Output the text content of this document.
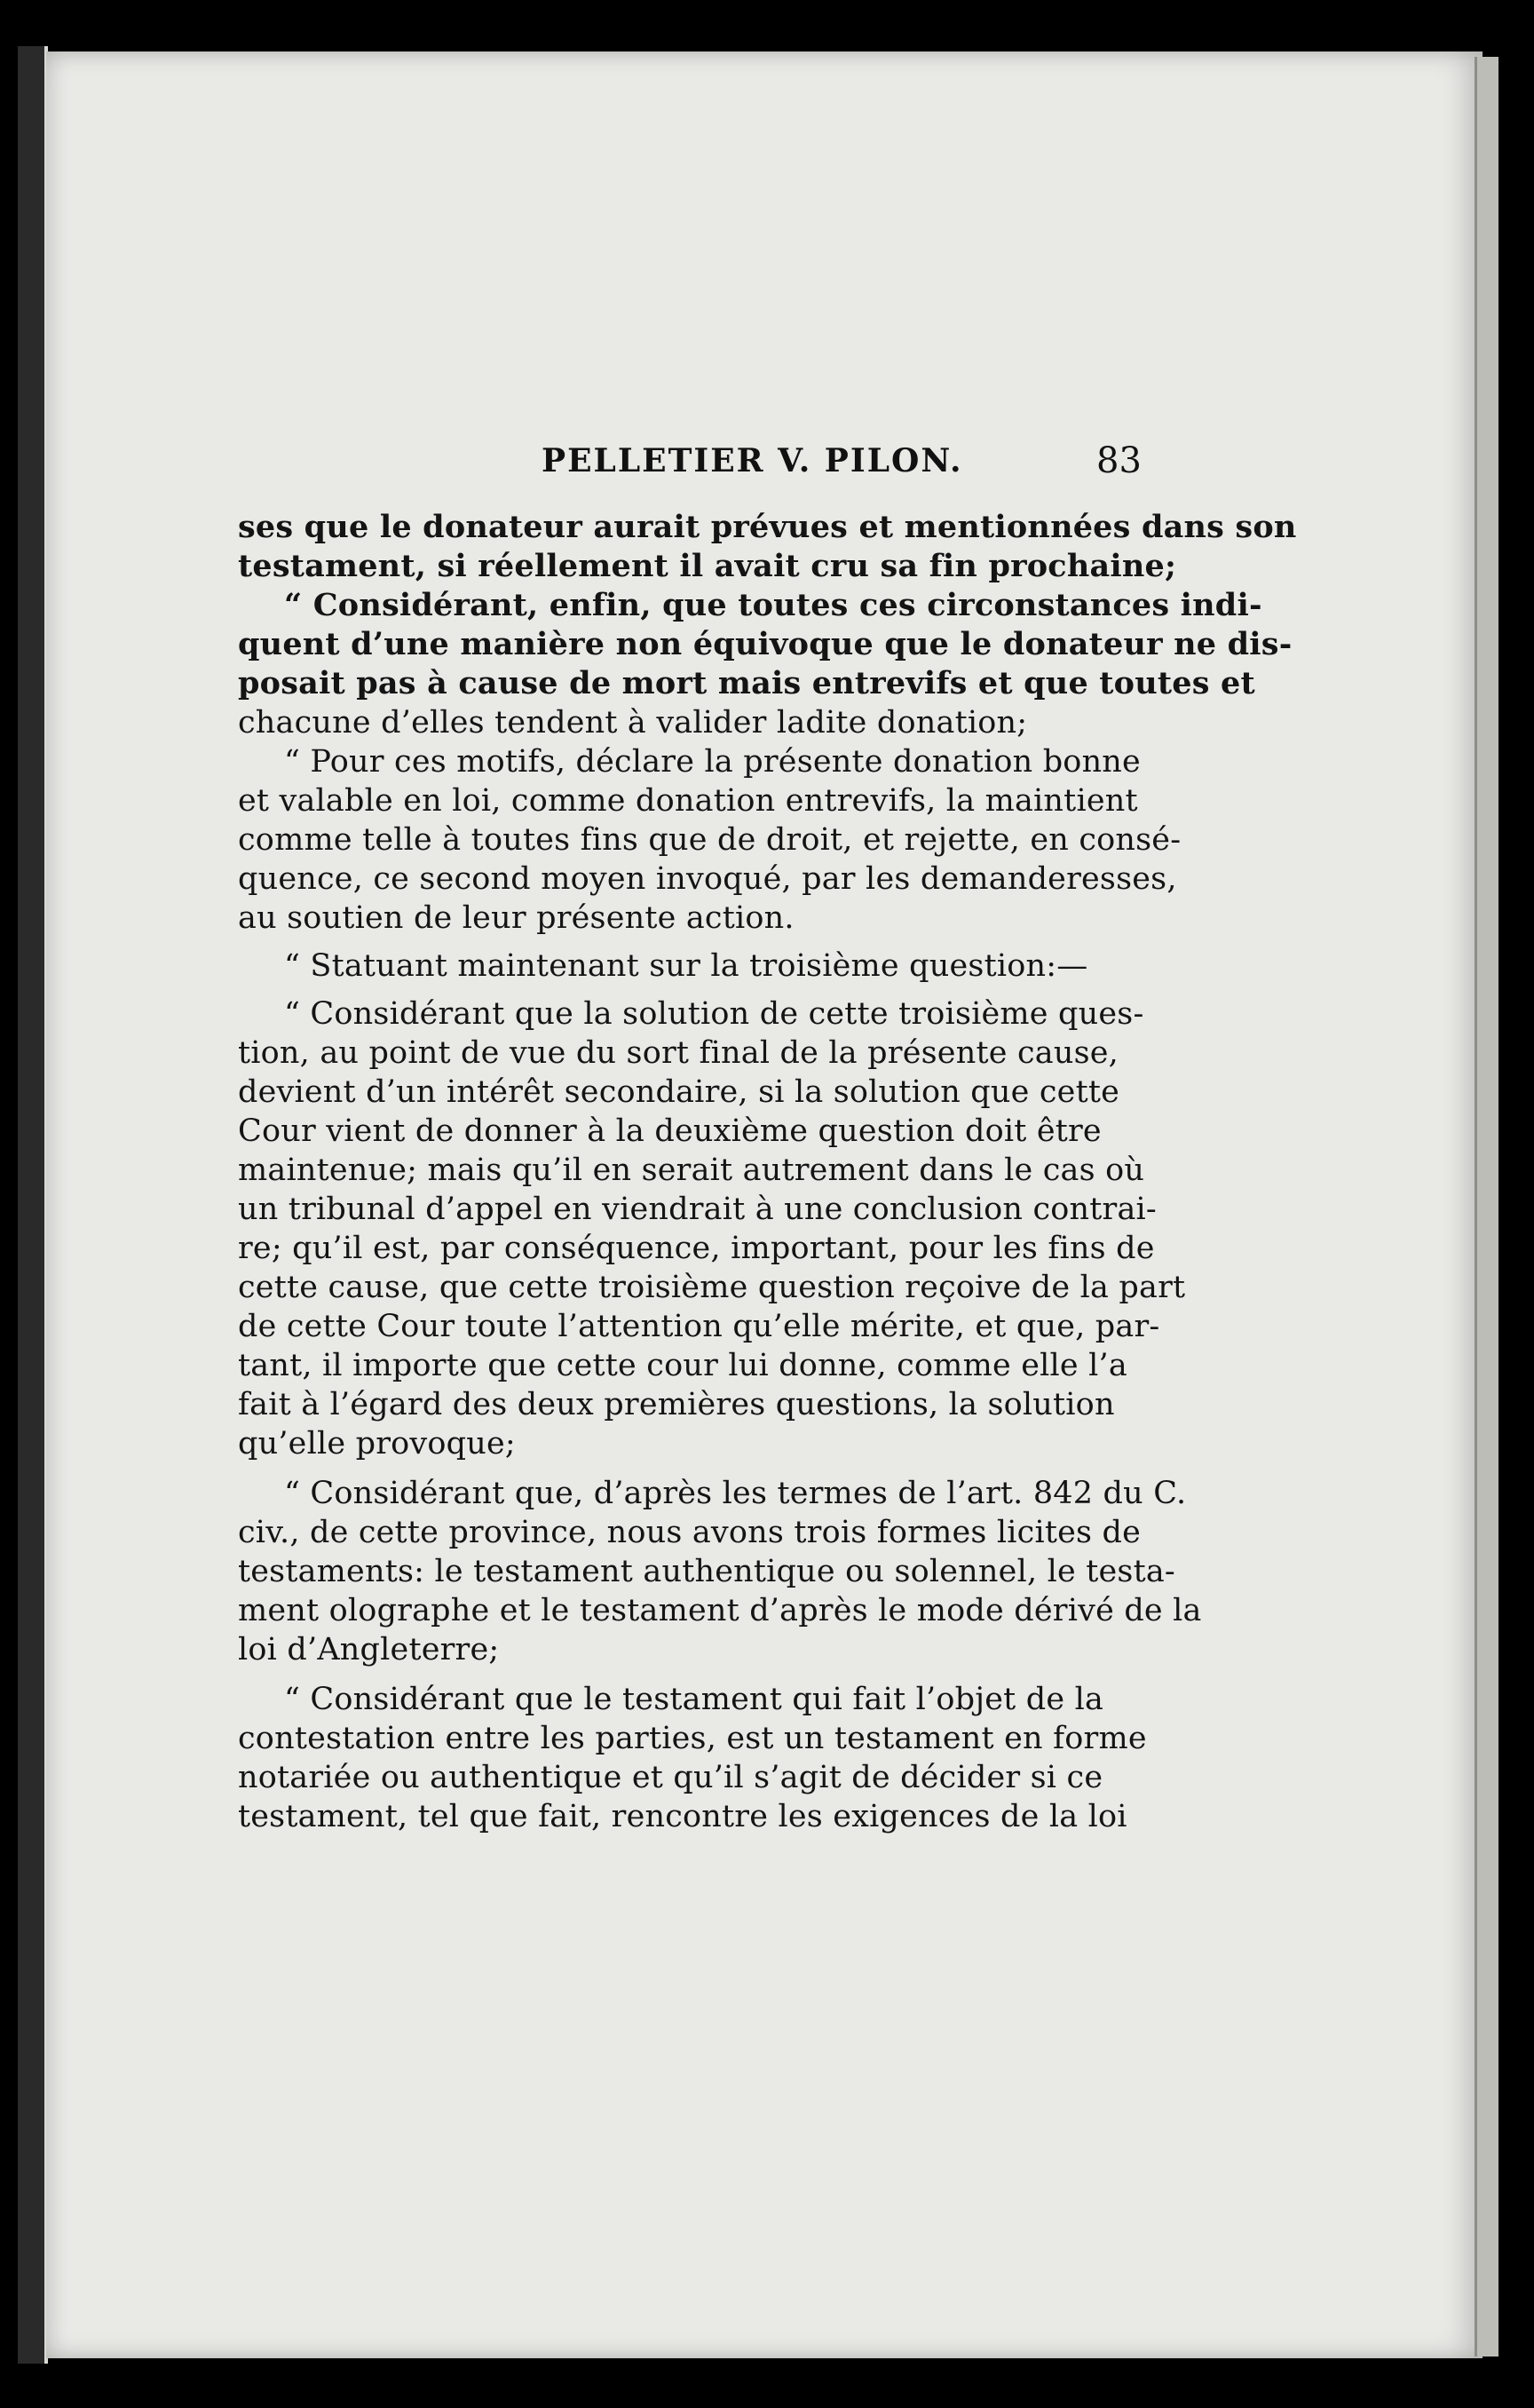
PELLETIER V. PILON.	83
ses que le donateur aurait prévues et mentionnées dans son
testament, si réellement il avait cru sa fin prochaine;
“ Considérant, enfin, que toutes ces circonstances indi-
quent d’une manière non équivoque que le donateur ne dis-
posait pas à cause de mort mais entrevifs et que toutes et
chacune d’elles tendent à valider ladite donation;
“ Pour ces motifs, déclare la présente donation bonne
et valable en loi, comme donation entrevifs, la maintient
comme telle à toutes fins que de droit, et rejette, en consé-
quence, ce second moyen invoqué, par les demanderesses,
au soutien de leur présente action.
“ Statuant maintenant sur la troisième question:—
“ Considérant que la solution de cette troisième ques-
tion, au point de vue du sort final de la présente cause,
devient d’un intérêt secondaire, si la solution que cette
Cour vient de donner à la deuxième question doit être
maintenue; mais qu’il en serait autrement dans le cas où
un tribunal d’appel en viendrait à une conclusion contrai-
re; qu’il est, par conséquence, important, pour les fins de
cette cause, que cette troisième question reçoive de la part
de cette Cour toute l’attention qu’elle mérite, et que, par-
tant, il importe que cette cour lui donne, comme elle l’a
fait à l’égard des deux premières questions, la solution
qu’elle provoque;
“ Considérant que, d’après les termes de l’art. 842 du C.
civ., de cette province, nous avons trois formes licites de
testaments: le testament authentique ou solennel, le testa-
ment olographe et le testament d’après le mode dérivé de la
loi d’Angleterre;
“ Considérant que le testament qui fait l’objet de la
contestation entre les parties, est un testament en forme
notariée ou authentique et qu’il s’agit de décider si ce
testament, tel que fait, rencontre les exigences de la loi
